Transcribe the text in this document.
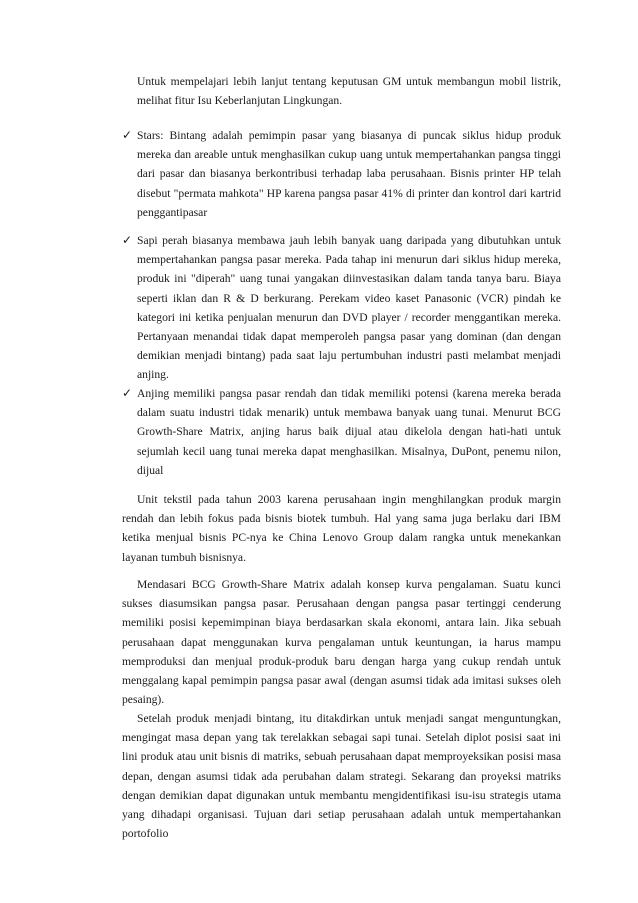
Untuk mempelajari lebih lanjut tentang keputusan GM untuk membangun mobil listrik, melihat fitur Isu Keberlanjutan Lingkungan.

✓ Stars: Bintang adalah pemimpin pasar yang biasanya di puncak siklus hidup produk mereka dan areable untuk menghasilkan cukup uang untuk mempertahankan pangsa tinggi dari pasar dan biasanya berkontribusi terhadap laba perusahaan. Bisnis printer HP telah disebut "permata mahkota" HP karena pangsa pasar 41% di printer dan kontrol dari kartrid penggantipasar
✓ Sapi perah biasanya membawa jauh lebih banyak uang daripada yang dibutuhkan untuk mempertahankan pangsa pasar mereka. Pada tahap ini menurun dari siklus hidup mereka, produk ini "diperah" uang tunai yangakan diinvestasikan dalam tanda tanya baru. Biaya seperti iklan dan R & D berkurang. Perekam video kaset Panasonic (VCR) pindah ke kategori ini ketika penjualan menurun dan DVD player / recorder menggantikan mereka. Pertanyaan menandai tidak dapat memperoleh pangsa pasar yang dominan (dan dengan demikian menjadi bintang) pada saat laju pertumbuhan industri pasti melambat menjadi anjing.
✓ Anjing memiliki pangsa pasar rendah dan tidak memiliki potensi (karena mereka berada dalam suatu industri tidak menarik) untuk membawa banyak uang tunai. Menurut BCG Growth-Share Matrix, anjing harus baik dijual atau dikelola dengan hati-hati untuk sejumlah kecil uang tunai mereka dapat menghasilkan. Misalnya, DuPont, penemu nilon, dijual

Unit tekstil pada tahun 2003 karena perusahaan ingin menghilangkan produk margin rendah dan lebih fokus pada bisnis biotek tumbuh. Hal yang sama juga berlaku dari IBM ketika menjual bisnis PC-nya ke China Lenovo Group dalam rangka untuk menekankan layanan tumbuh bisnisnya.

Mendasari BCG Growth-Share Matrix adalah konsep kurva pengalaman. Suatu kunci sukses diasumsikan pangsa pasar. Perusahaan dengan pangsa pasar tertinggi cenderung memiliki posisi kepemimpinan biaya berdasarkan skala ekonomi, antara lain. Jika sebuah perusahaan dapat menggunakan kurva pengalaman untuk keuntungan, ia harus mampu memproduksi dan menjual produk-produk baru dengan harga yang cukup rendah untuk menggalang kapal pemimpin pangsa pasar awal (dengan asumsi tidak ada imitasi sukses oleh pesaing).

Setelah produk menjadi bintang, itu ditakdirkan untuk menjadi sangat menguntungkan, mengingat masa depan yang tak terelakkan sebagai sapi tunai. Setelah diplot posisi saat ini lini produk atau unit bisnis di matriks, sebuah perusahaan dapat memproyeksikan posisi masa depan, dengan asumsi tidak ada perubahan dalam strategi. Sekarang dan proyeksi matriks dengan demikian dapat digunakan untuk membantu mengidentifikasi isu-isu strategis utama yang dihadapi organisasi. Tujuan dari setiap perusahaan adalah untuk mempertahankan portofolio
